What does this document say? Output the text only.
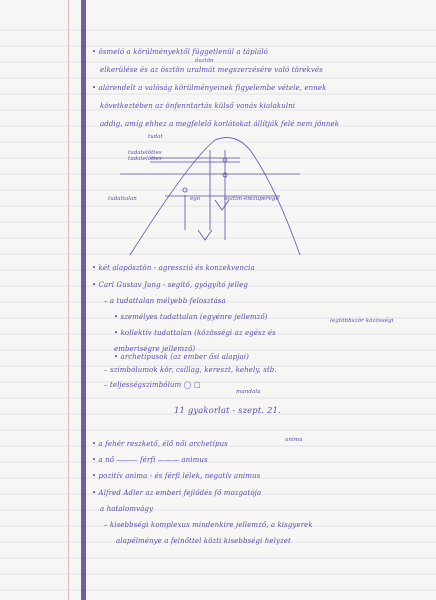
ősztön
• ösmeló a körülményektől függetlenül a tápláló
elkerülése és az ösztön uralmát megszerzésére való törekvés
• alárendelt a valóság körülményeinek figyelembe vétele, ennek
következtében az önfenntartás külső vonás kialakulni
addig, amíg ehhez a megfelelő korlátokat állítják felé nem jönnek
tudat
tudatelőttes
tudatelőttes
tudattalan	ego	szuperego
ösztön-én
• két alapösztön - agresszió és konzekvencia
• Carl Gustav Jung - segítő, gyógyító jelleg
– a tudattalan mélyebb felosztása
• személyes tudattalan (egyénre jellemző)	legtöbbször közösségi
• kollektív tudattalan (közösségi az egész és
emberiségre jellemző)
• archetípusok (az ember ősi alapjai)
– szimbólumok kör, csillag, kereszt, kehely, stb.
– teljességszimbólum ◯ □
mandala
11 gyakorlat - szept. 21.
anima
• a fehér reszkető, élő női archetípus
• a nő ——— férfi ——— animus
• pozitív anima - és férfi lélek, negatív animus
• Alfred Adler az emberi fejlődés fő mozgatója
a hatalomvágy
– kisebbségi komplexus mindenkire jellemző, a kisgyerek
alapélménye a felnőttel közti kisebbségi helyzet
